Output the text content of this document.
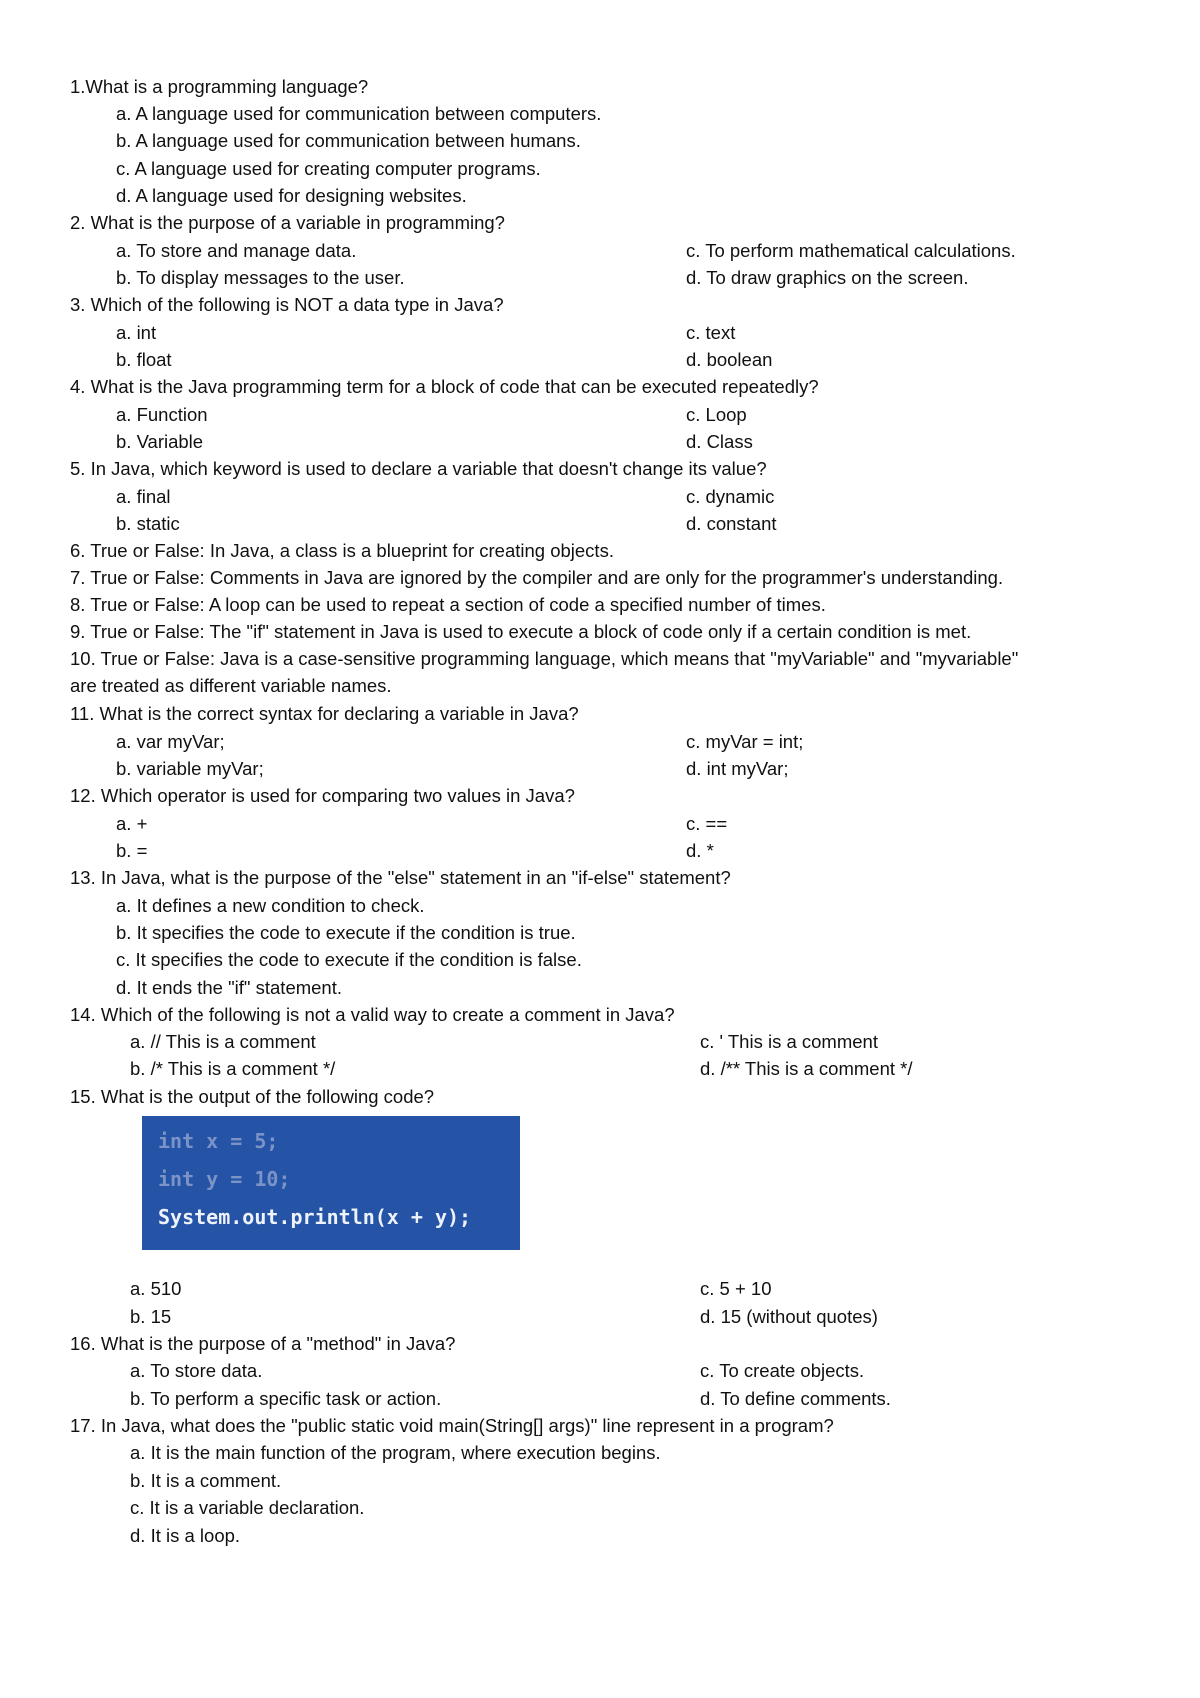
1.What is a programming language?
a. A language used for communication between computers.
b. A language used for communication between humans.
c. A language used for creating computer programs.
d. A language used for designing websites.
2. What is the purpose of a variable in programming?
a. To store and manage data.	c. To perform mathematical calculations.
b. To display messages to the user.	d. To draw graphics on the screen.
3. Which of the following is NOT a data type in Java?
a. int	c. text
b. float	d. boolean
4. What is the Java programming term for a block of code that can be executed repeatedly?
a. Function	c. Loop
b. Variable	d. Class
5. In Java, which keyword is used to declare a variable that doesn't change its value?
a. final	c. dynamic
b. static	d. constant
6. True or False: In Java, a class is a blueprint for creating objects.
7. True or False: Comments in Java are ignored by the compiler and are only for the programmer's understanding.
8. True or False: A loop can be used to repeat a section of code a specified number of times.
9. True or False: The "if" statement in Java is used to execute a block of code only if a certain condition is met.
10. True or False: Java is a case-sensitive programming language, which means that "myVariable" and "myvariable"
are treated as different variable names.
11. What is the correct syntax for declaring a variable in Java?
a. var myVar;	c. myVar = int;
b. variable myVar;	d. int myVar;
12. Which operator is used for comparing two values in Java?
a. +	c. ==
b. =	d. *
13. In Java, what is the purpose of the "else" statement in an "if-else" statement?
a. It defines a new condition to check.
b. It specifies the code to execute if the condition is true.
c. It specifies the code to execute if the condition is false.
d. It ends the "if" statement.
14. Which of the following is not a valid way to create a comment in Java?
a. // This is a comment	c. ' This is a comment
b. /* This is a comment */	d. /** This is a comment */
15. What is the output of the following code?
int x = 5;
int y = 10;
System.out.println(x + y);
a. 510	c. 5 + 10
b. 15	d. 15 (without quotes)
16. What is the purpose of a "method" in Java?
a. To store data.	c. To create objects.
b. To perform a specific task or action.	d. To define comments.
17. In Java, what does the "public static void main(String[] args)" line represent in a program?
a. It is the main function of the program, where execution begins.
b. It is a comment.
c. It is a variable declaration.
d. It is a loop.
